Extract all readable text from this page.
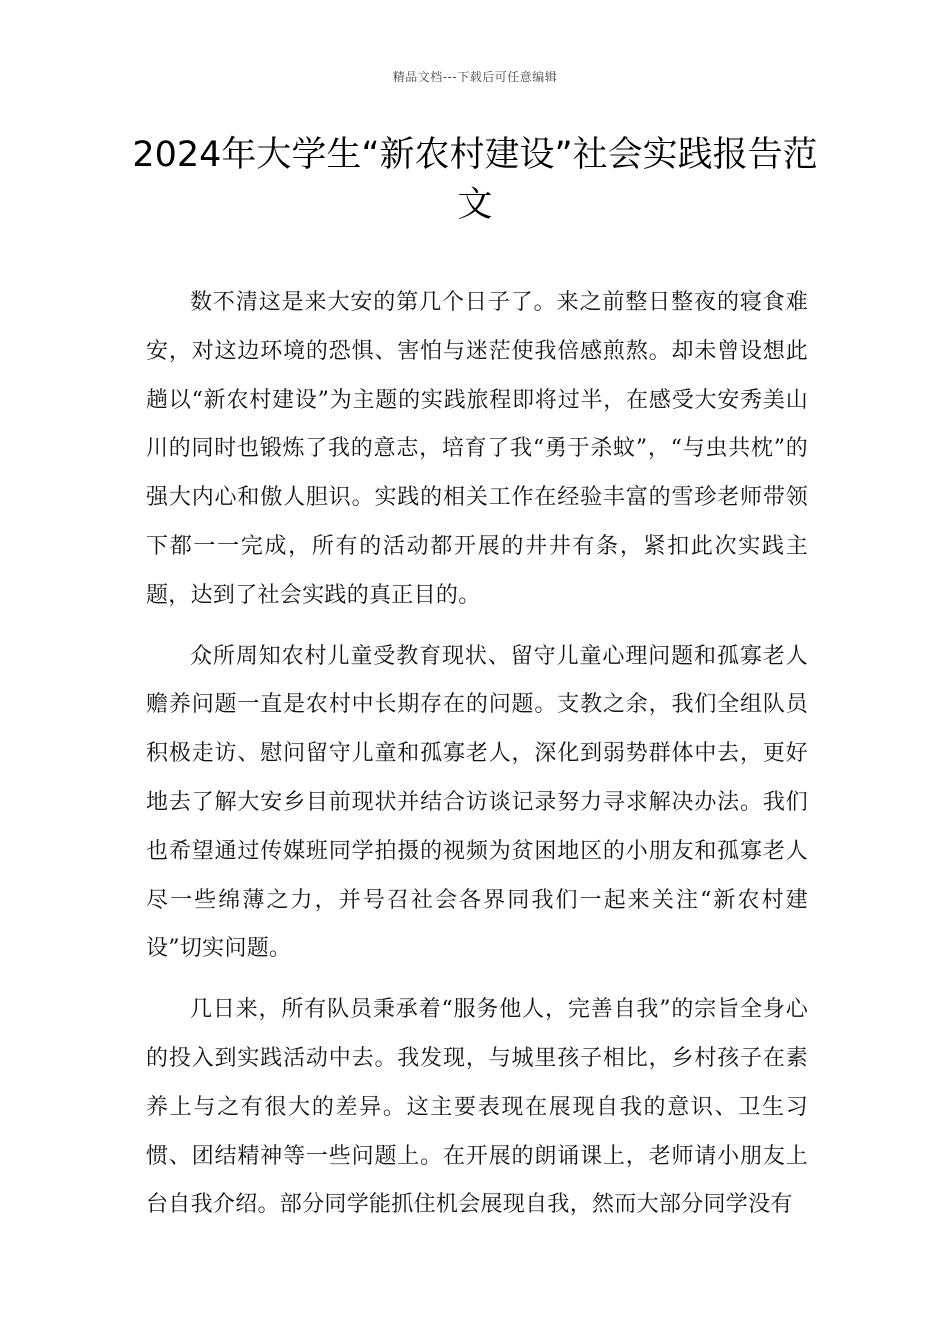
精品文档---下载后可任意编辑
2024年大学生“新农村建设”社会实践报告范文

数不清这是来大安的第几个日子了。来之前整日整夜的寝食难安，对这边环境的恐惧、害怕与迷茫使我倍感煎熬。却未曾设想此趟以“新农村建设”为主题的实践旅程即将过半，在感受大安秀美山川的同时也锻炼了我的意志，培育了我“勇于杀蚊”，“与虫共枕”的强大内心和傲人胆识。实践的相关工作在经验丰富的雪珍老师带领下都一一完成，所有的活动都开展的井井有条，紧扣此次实践主题，达到了社会实践的真正目的。

众所周知农村儿童受教育现状、留守儿童心理问题和孤寡老人赡养问题一直是农村中长期存在的问题。支教之余，我们全组队员积极走访、慰问留守儿童和孤寡老人，深化到弱势群体中去，更好地去了解大安乡目前现状并结合访谈记录努力寻求解决办法。我们也希望通过传媒班同学拍摄的视频为贫困地区的小朋友和孤寡老人尽一些绵薄之力，并号召社会各界同我们一起来关注“新农村建设”切实问题。

几日来，所有队员秉承着“服务他人，完善自我”的宗旨全身心的投入到实践活动中去。我发现，与城里孩子相比，乡村孩子在素养上与之有很大的差异。这主要表现在展现自我的意识、卫生习惯、团结精神等一些问题上。在开展的朗诵课上，老师请小朋友上台自我介绍。部分同学能抓住机会展现自我，然而大部分同学没有
